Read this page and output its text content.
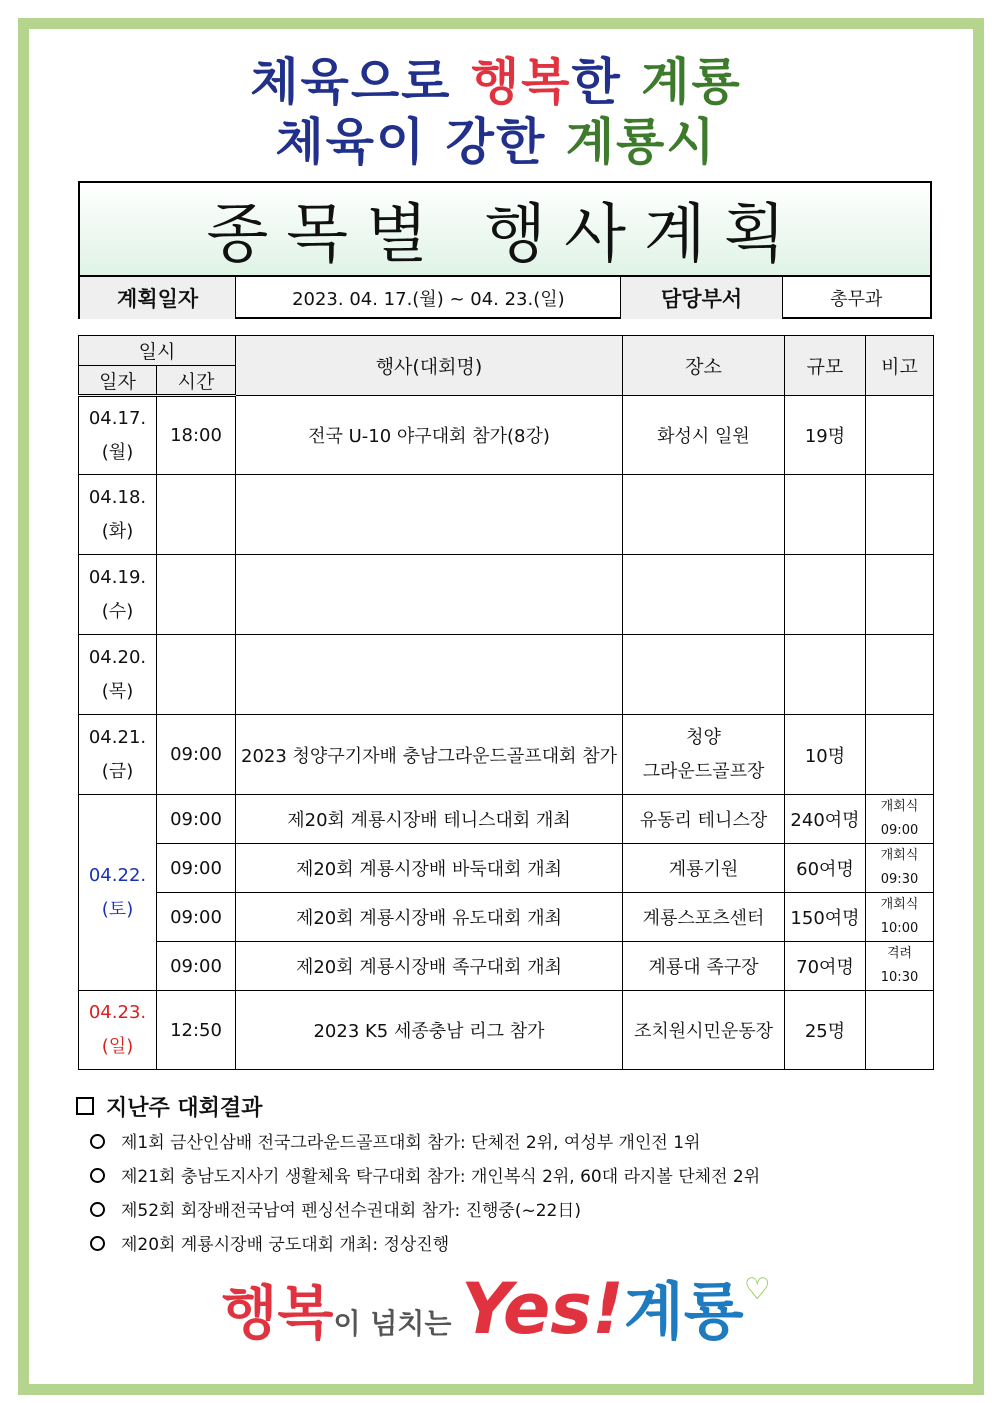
체육으로 행복한 계룡
체육이 강한 계룡시
종목별 행사계획
계획일자	2023. 04. 17.(월) ~ 04. 23.(일)	담당부서	총무과
일시		행사(대회명)	장소	규모	비고
일자	시간				
04.17.
(월)	18:00	전국 U-10 야구대회 참가(8강)	화성시 일원	19명	
04.18.
(화)					
04.19.
(수)					
04.20.
(목)					
04.21.
(금)	09:00	2023 청양구기자배 충남그라운드골프대회 참가	청양
그라운드골프장	10명	
04.22.
(토)	09:00	제20회 계룡시장배 테니스대회 개최	유동리 테니스장	240여명	개회식
09:00
	09:00	제20회 계룡시장배 바둑대회 개최	계룡기원	60여명	개회식
09:30
	09:00	제20회 계룡시장배 유도대회 개최	계룡스포츠센터	150여명	개회식
10:00
	09:00	제20회 계룡시장배 족구대회 개최	계룡대 족구장	70여명	격려
10:30
04.23.
(일)	12:50	2023 K5 세종충남 리그 참가	조치원시민운동장	25명	
지난주 대회결과
제1회 금산인삼배 전국그라운드골프대회 참가: 단체전 2위, 여성부 개인전 1위
제21회 충남도지사기 생활체육 탁구대회 참가: 개인복식 2위, 60대 라지볼 단체전 2위
제52회 회장배전국남여 펜싱선수권대회 참가: 진행중(~22日)
제20회 계룡시장배 궁도대회 개최: 정상진행
행복이 넘치는 Yes!계룡♡
